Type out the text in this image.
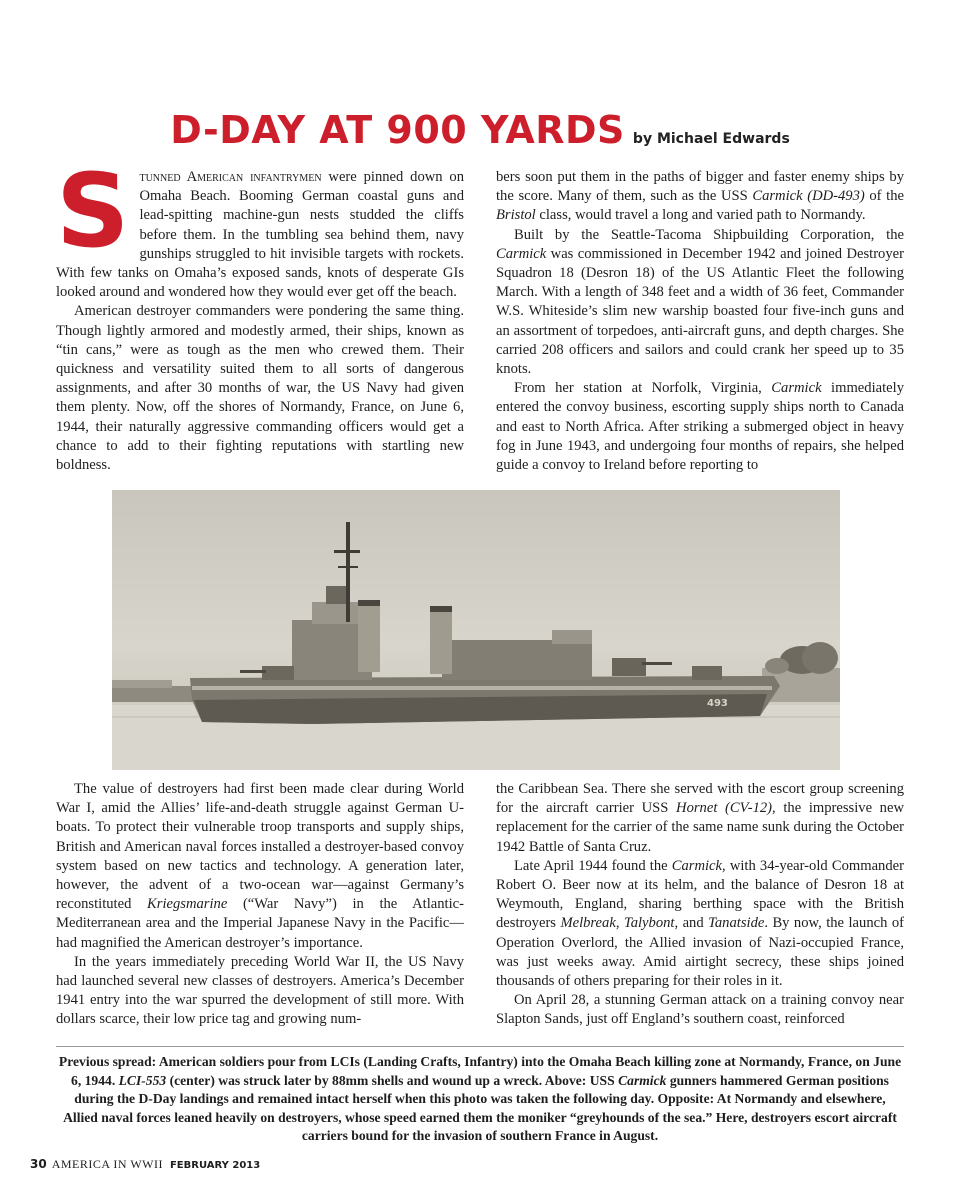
D-DAY AT 900 YARDS by Michael Edwards

Stunned American infantrymen were pinned down on Omaha Beach. Booming German coastal guns and lead-spitting machine-gun nests studded the cliffs before them. In the tumbling sea behind them, navy gunships struggled to hit invisible targets with rockets. With few tanks on Omaha’s exposed sands, knots of desperate GIs looked around and wondered how they would ever get off the beach.

American destroyer commanders were pondering the same thing. Though lightly armored and modestly armed, their ships, known as “tin cans,” were as tough as the men who crewed them. Their quickness and versatility suited them to all sorts of dangerous assignments, and after 30 months of war, the US Navy had given them plenty. Now, off the shores of Normandy, France, on June 6, 1944, their naturally aggressive commanding officers would get a chance to add to their fighting reputations with startling new boldness.

bers soon put them in the paths of bigger and faster enemy ships by the score. Many of them, such as the USS Carmick (DD-493) of the Bristol class, would travel a long and varied path to Normandy.

Built by the Seattle-Tacoma Shipbuilding Corporation, the Carmick was commissioned in December 1942 and joined Destroyer Squadron 18 (Desron 18) of the US Atlantic Fleet the following March. With a length of 348 feet and a width of 36 feet, Commander W.S. Whiteside’s slim new warship boasted four five-inch guns and an assortment of torpedoes, anti-aircraft guns, and depth charges. She carried 208 officers and sailors and could crank her speed up to 35 knots.

From her station at Norfolk, Virginia, Carmick immediately entered the convoy business, escorting supply ships north to Canada and east to North Africa. After striking a submerged object in heavy fog in June 1943, and undergoing four months of repairs, she helped guide a convoy to Ireland before reporting to

493

The value of destroyers had first been made clear during World War I, amid the Allies’ life-and-death struggle against German U-boats. To protect their vulnerable troop transports and supply ships, British and American naval forces installed a destroyer-based convoy system based on new tactics and technology. A generation later, however, the advent of a two-ocean war—against Germany’s reconstituted Kriegsmarine (“War Navy”) in the Atlantic-Mediterranean area and the Imperial Japanese Navy in the Pacific—had magnified the American destroyer’s importance.

In the years immediately preceding World War II, the US Navy had launched several new classes of destroyers. America’s December 1941 entry into the war spurred the development of still more. With dollars scarce, their low price tag and growing num-

the Caribbean Sea. There she served with the escort group screening for the aircraft carrier USS Hornet (CV-12), the impressive new replacement for the carrier of the same name sunk during the October 1942 Battle of Santa Cruz.

Late April 1944 found the Carmick, with 34-year-old Commander Robert O. Beer now at its helm, and the balance of Desron 18 at Weymouth, England, sharing berthing space with the British destroyers Melbreak, Talybont, and Tanatside. By now, the launch of Operation Overlord, the Allied invasion of Nazi-occupied France, was just weeks away. Amid airtight secrecy, these ships joined thousands of others preparing for their roles in it.

On April 28, a stunning German attack on a training convoy near Slapton Sands, just off England’s southern coast, reinforced

Previous spread: American soldiers pour from LCIs (Landing Crafts, Infantry) into the Omaha Beach killing zone at Normandy, France, on June 6, 1944. LCI-553 (center) was struck later by 88mm shells and wound up a wreck. Above: USS Carmick gunners hammered German positions during the D-Day landings and remained intact herself when this photo was taken the following day. Opposite: At Normandy and elsewhere, Allied naval forces leaned heavily on destroyers, whose speed earned them the moniker “greyhounds of the sea.” Here, destroyers escort aircraft carriers bound for the invasion of southern France in August.
30 AMERICA IN WWII FEBRUARY 2013
